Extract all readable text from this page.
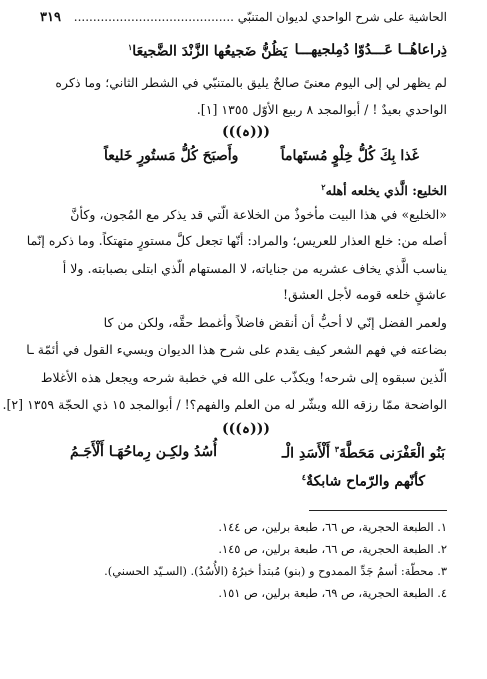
٣١٩ الحاشية على شرح الواحدي لديوان المتنبّي ..........................................
ذِراعاهُــا عَـــدُوّا دُمِلجيهـــا
يَظُنُّ ضَجيعُها الزَّنْدَ الضَّجيعَا$^١$
لم يظهر لي إلى اليوم معنىً صالحٌ يليق بالمتنبّي في الشطر الثاني؛ وما ذكره
الواحدي بعيدٌ ! / أبوالمجد ٨ ربيع الأوّل ١٣٥٥ [١].
(((ہ)))
غَذا بِكَ كُلُّ خِلْوٍ مُستَهاماً
وأَصبَحَ كُلُّ مَستُورٍ خَليعاً
الخليع: الَّذي يخلعه أهله$^٢$
«الخليع» في هذا البيت مأخوذٌ من الخلاعة الّتي قد يذكر مع المُجون، وكأنَّ
أصله من: خلع العذار للعريس؛ والمراد: أنّها تجعل كلَّ مستورٍ متهتكاً. وما ذكره إنّما
يناسب الَّذي يخاف عشريه من جناياته، لا المستهام الّذي ابتلى بصبابته. ولا أ
عاشقٍ خلعه قومه لأجل العشق!
ولعمر الفضل إنّي لا أحبُّ أن أنقض فاضلاً وأغمط حقَّه، ولكن من كا
بضاعته في فهم الشعر كيف يقدم على شرح هذا الديوان ويسيء القول في أئمّة ـا
الّذين سبقوه إلى شرحه! ويكذّب على الله في خطبة شرحه ويجعل هذه الأغلاط
الواضحة ممّا رزقه الله ويشّر له من العلم والفهم؟! / أبوالمجد ١٥ ذي الحجّة ١٣٥٩ [٢].
(((ہ)))
بَنُو الْعَفْرَنى مَحَطَّةَ$^٣$ أَلْأَسَدِ الْـ
أُسُدُ ولكِـن رِماحُهَـا أَلْأَجَـمُ
كأنّهم والرّماح شابكةٌ$^٤$
١. الطبعة الحجرية، ص ٦٦، طبعة برلين، ص ١٤٤.
٢. الطبعة الحجرية، ص ٦٦، طبعة برلين، ص ١٤٥.
٣. محطّة: أسمُ جَدِّ الممدوح و (بنو) مُبتدأ خبرُهُ (الأُسُدُ). (السـيّد الحسني).
٤. الطبعة الحجرية، ص ٦٩، طبعة برلين، ص ١٥١.
